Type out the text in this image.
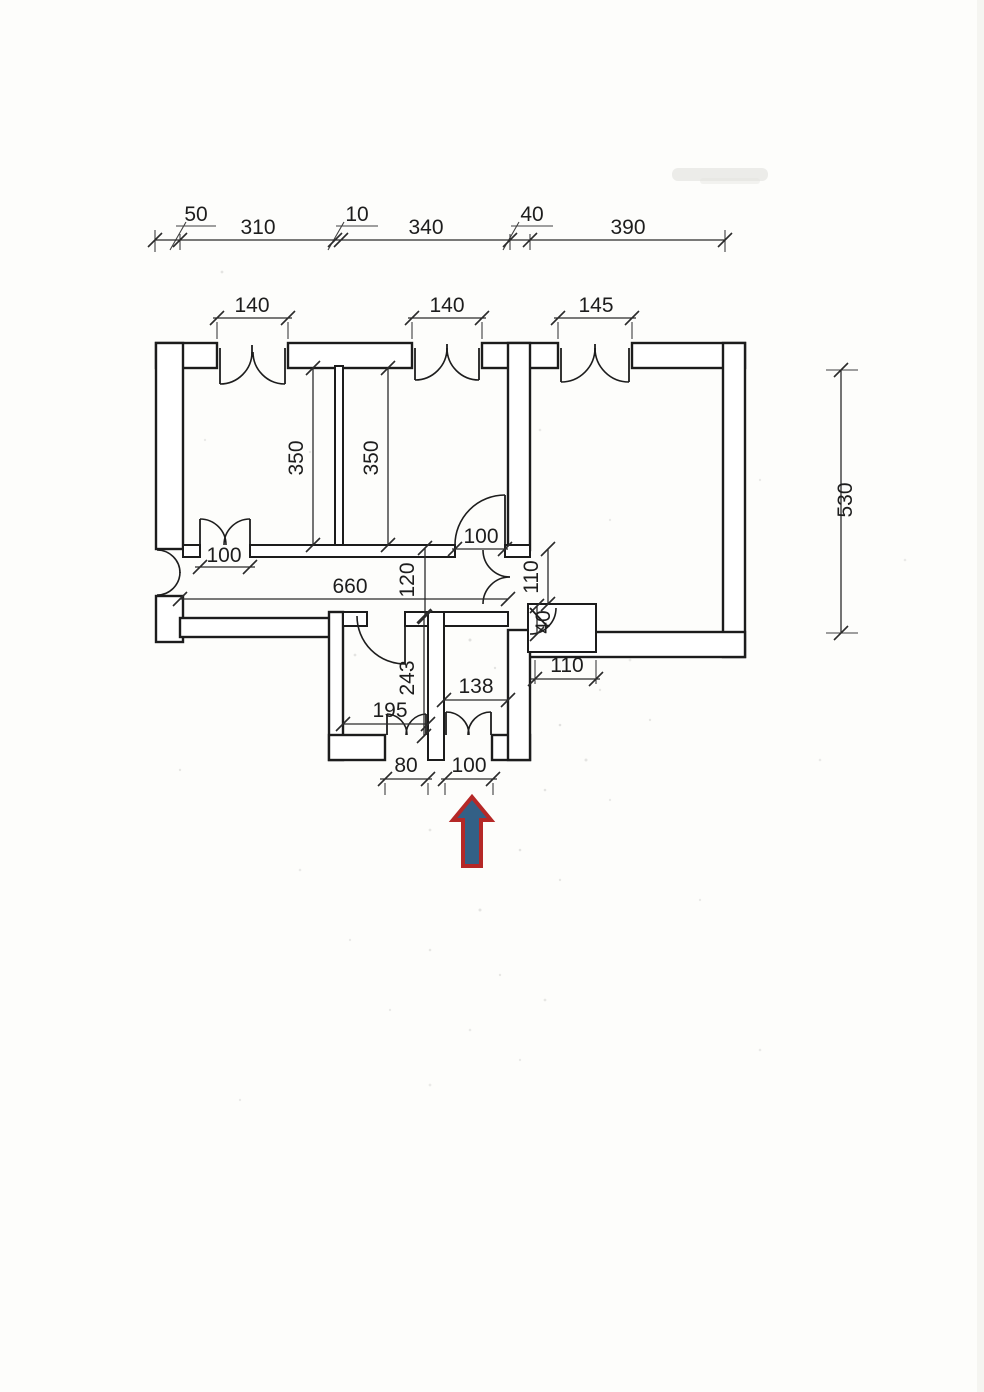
50
310
10
340
40
390
140	140	145
530
350 350
100
100
660 120	110
40
110
243 138
195
80 100
